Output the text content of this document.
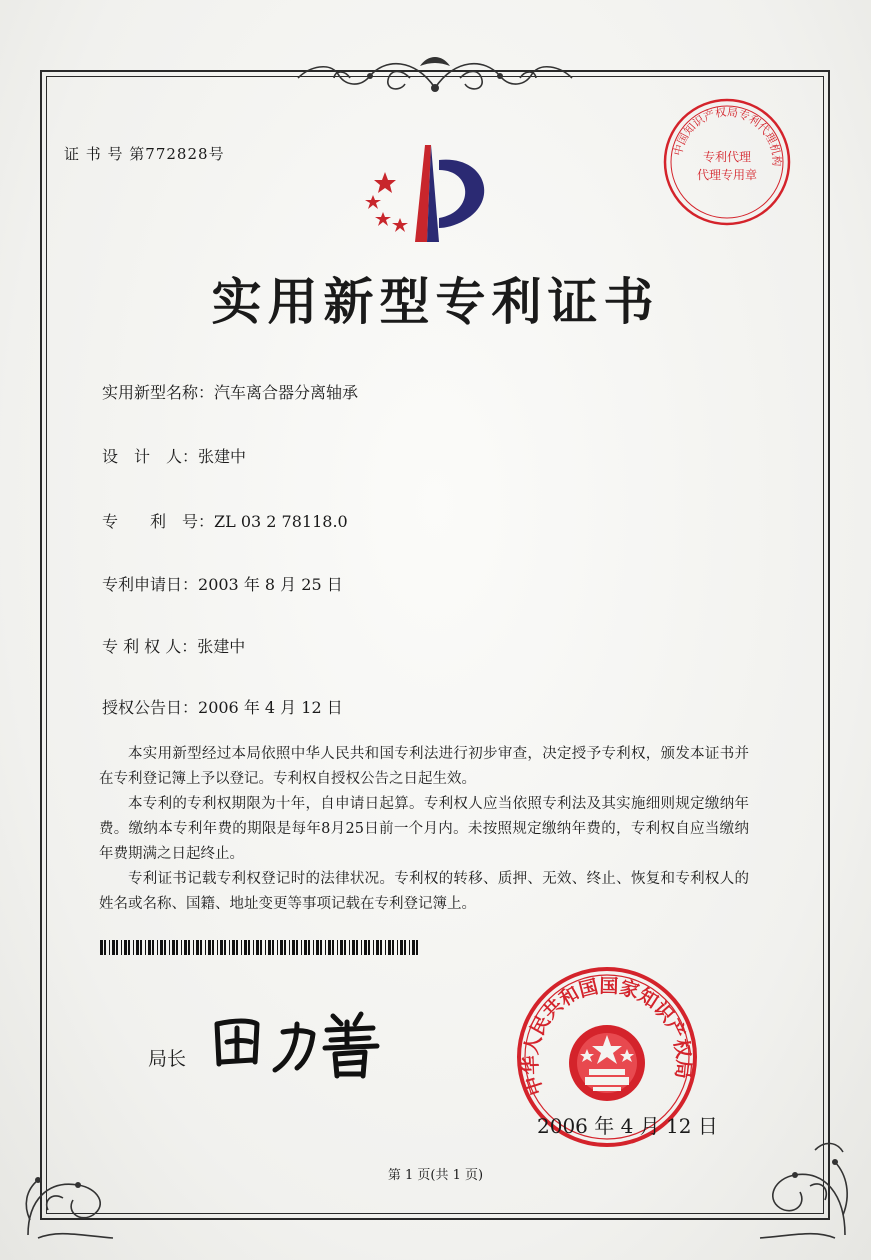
证 书 号 第772828号	中国知识产权局专利代理机构
专利代理
代理专用章
实用新型专利证书
实用新型名称：汽车离合器分离轴承
设　计　人：张建中
专　　利　号：ZL 03 2 78118.0
专利申请日：2003 年 8 月 25 日
专 利 权 人：张建中
授权公告日：2006 年 4 月 12 日

本实用新型经过本局依照中华人民共和国专利法进行初步审查，决定授予专利权，颁发本证书并在专利登记簿上予以登记。专利权自授权公告之日起生效。

本专利的专利权期限为十年，自申请日起算。专利权人应当依照专利法及其实施细则规定缴纳年费。缴纳本专利年费的期限是每年8月25日前一个月内。未按照规定缴纳年费的，专利权自应当缴纳年费期满之日起终止。

专利证书记载专利权登记时的法律状况。专利权的转移、质押、无效、终止、恢复和专利权人的姓名或名称、国籍、地址变更等事项记载在专利登记簿上。

局长
中华人民共和国国家知识产权局
2006 年 4 月 12 日
第 1 页(共 1 页)
